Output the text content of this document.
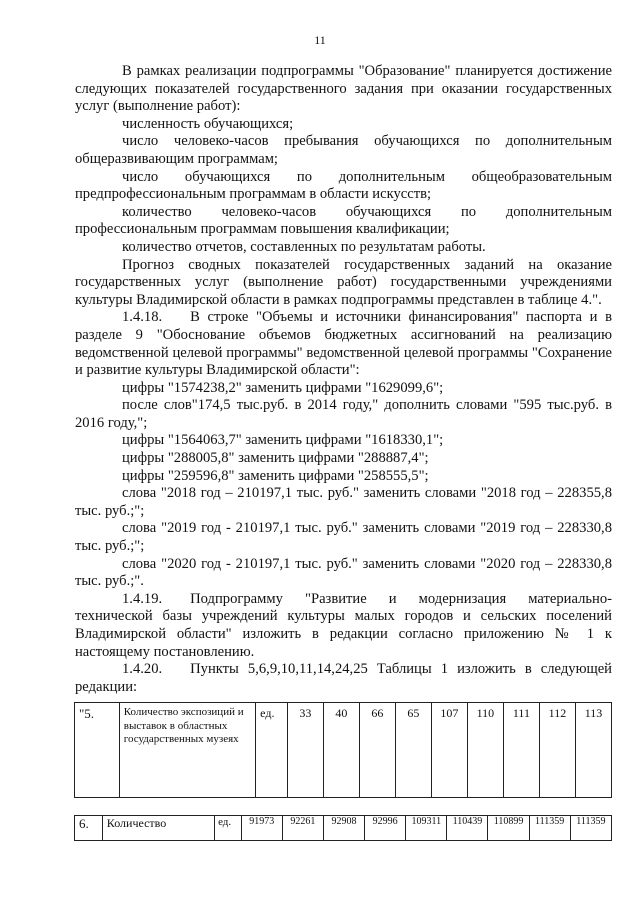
11

В рамках реализации подпрограммы "Образование" планируется достижение следующих показателей государственного задания при оказании государственных услуг (выполнение работ):

численность обучающихся;

число человеко-часов пребывания обучающихся по дополнительным общеразвивающим программам;

число обучающихся по дополнительным общеобразовательным предпрофессиональным программам в области искусств;

количество человеко-часов обучающихся по дополнительным профессиональным программам повышения квалификации;

количество отчетов, составленных по результатам работы.

Прогноз сводных показателей государственных заданий на оказание государственных услуг (выполнение работ) государственными учреждениями культуры Владимирской области в рамках подпрограммы представлен в таблице 4.".

1.4.18. В строке "Объемы и источники финансирования" паспорта и в разделе 9 "Обоснование объемов бюджетных ассигнований на реализацию ведомственной целевой программы" ведомственной целевой программы "Сохранение и развитие культуры Владимирской области":

цифры "1574238,2" заменить цифрами "1629099,6";

после слов"174,5 тыс.руб. в 2014 году," дополнить словами "595 тыс.руб. в 2016 году,";

цифры "1564063,7" заменить цифрами "1618330,1";

цифры "288005,8" заменить цифрами "288887,4";

цифры "259596,8" заменить цифрами "258555,5";

слова "2018 год – 210197,1 тыс. руб." заменить словами "2018 год – 228355,8 тыс. руб.;";

слова "2019 год - 210197,1 тыс. руб." заменить словами "2019 год – 228330,8 тыс. руб.;";

слова "2020 год - 210197,1 тыс. руб." заменить словами "2020 год – 228330,8 тыс. руб.;".

1.4.19. Подпрограмму "Развитие и модернизация материально-технической базы учреждений культуры малых городов и сельских поселений Владимирской области" изложить в редакции согласно приложению № 1 к настоящему постановлению.

1.4.20. Пункты 5,6,9,10,11,14,24,25 Таблицы 1 изложить в следующей редакции:

"5.	Количество экспозиций и выставок в областных государственных музеях	ед.	33	40	66	65	107	110	111	112	113
6.	Количество	ед.	91973	92261	92908	92996	109311	110439	110899	111359	111359
